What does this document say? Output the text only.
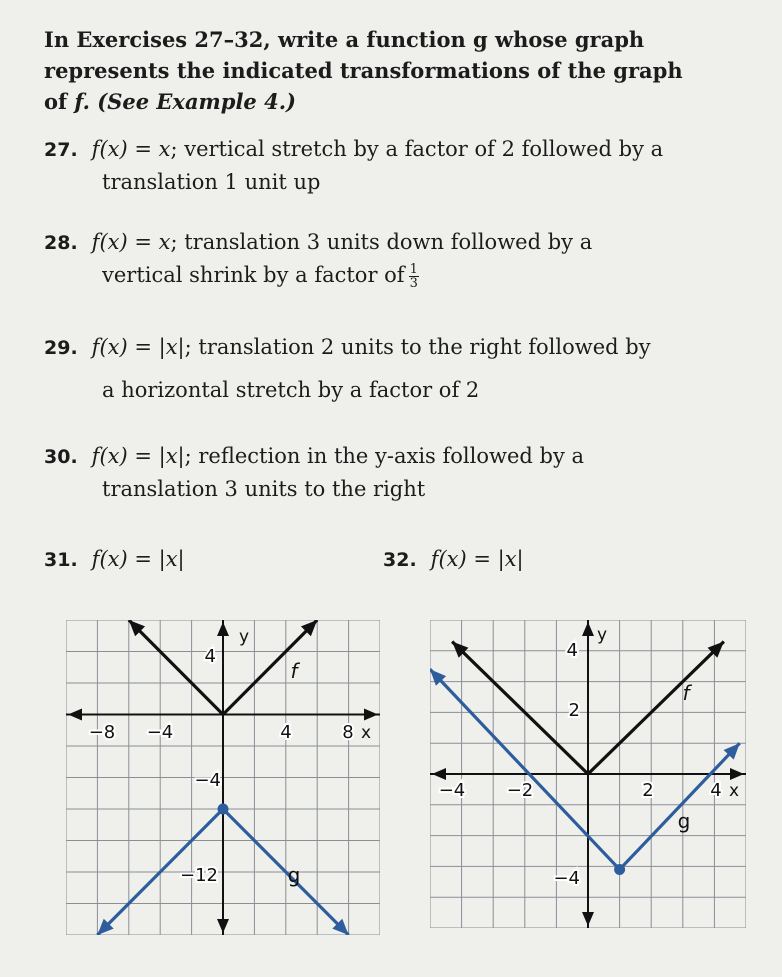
In Exercises 27–32, write a function g whose graph
represents the indicated transformations of the graph
of f. (See Example 4.)
27. f(x) = x; vertical stretch by a factor of 2 followed by a
translation 1 unit up
28. f(x) = x; translation 3 units down followed by a
vertical shrink by a factor of $\frac{1}{3}$
29. f(x) = |x|; translation 2 units to the right followed by
a horizontal stretch by a factor of 2
30. f(x) = |x|; reflection in the y-axis followed by a
translation 3 units to the right
31. f(x) = |x|	32. f(x) = |x|
−8 −4	4	8
4
−4
−12
x
y
f
g
−4 −2	2	4
4
2
−4
x
y
f
g
